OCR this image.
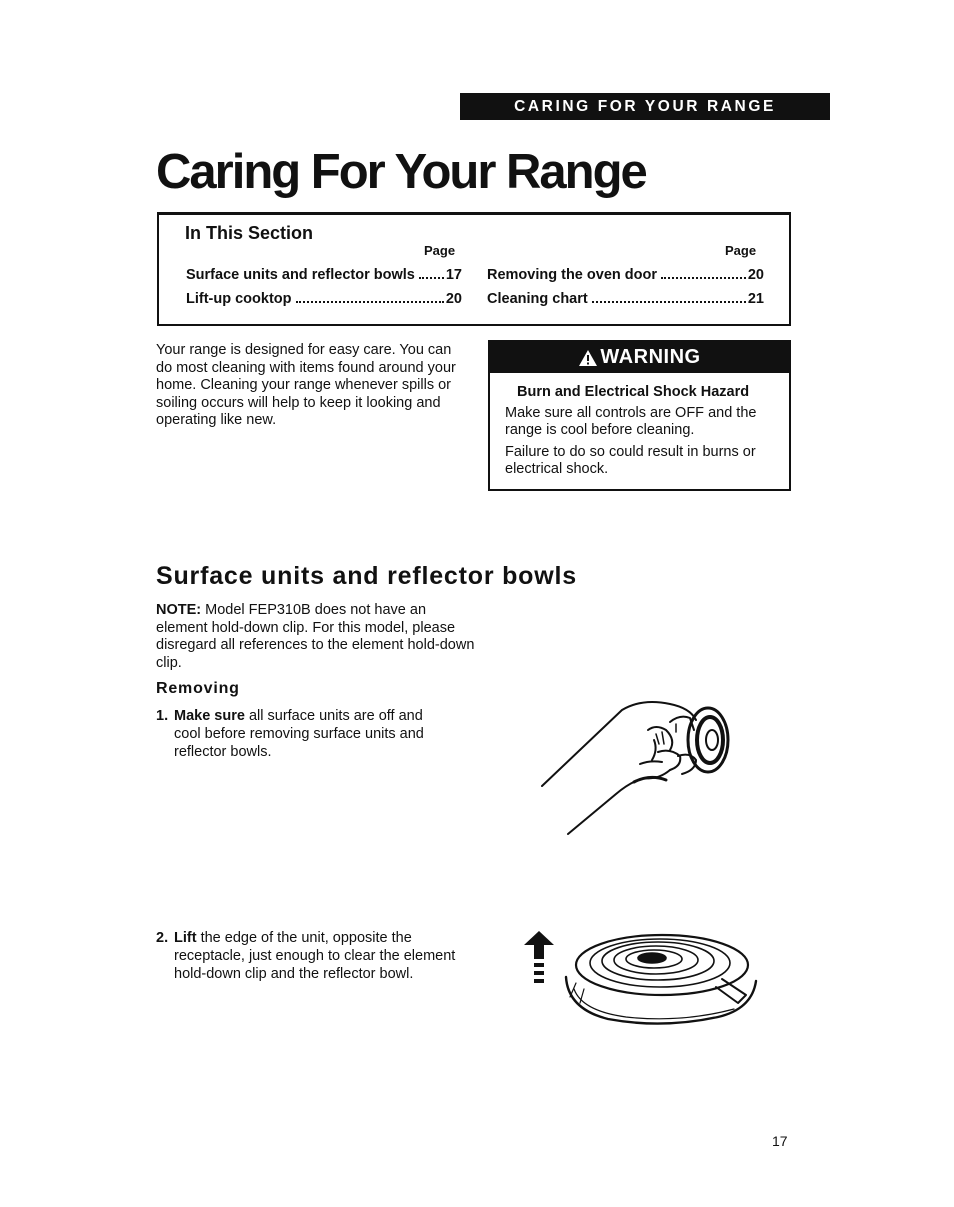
CARING FOR YOUR RANGE
Caring For Your Range
In This Section
Page	Page
Surface units and reflector bowls 17
Lift-up cooktop	20
Removing the oven door	20
Cleaning chart	21

Your range is designed for easy care. You can do most cleaning with items found around your home. Cleaning your range whenever spills or soiling occurs will help to keep it looking and operating like new.

WARNING
Burn and Electrical Shock Hazard

Make sure all controls are OFF and the range is cool before cleaning.

Failure to do so could result in burns or electrical shock.

Surface units and reflector bowls

NOTE: Model FEP310B does not have an element hold-down clip. For this model, please disregard all references to the element hold-down clip.

Removing
1. Make sure all surface units are off and cool before removing surface units and reflector bowls.
2. Lift the edge of the unit, opposite the receptacle, just enough to clear the element hold-down clip and the reflector bowl.
17
